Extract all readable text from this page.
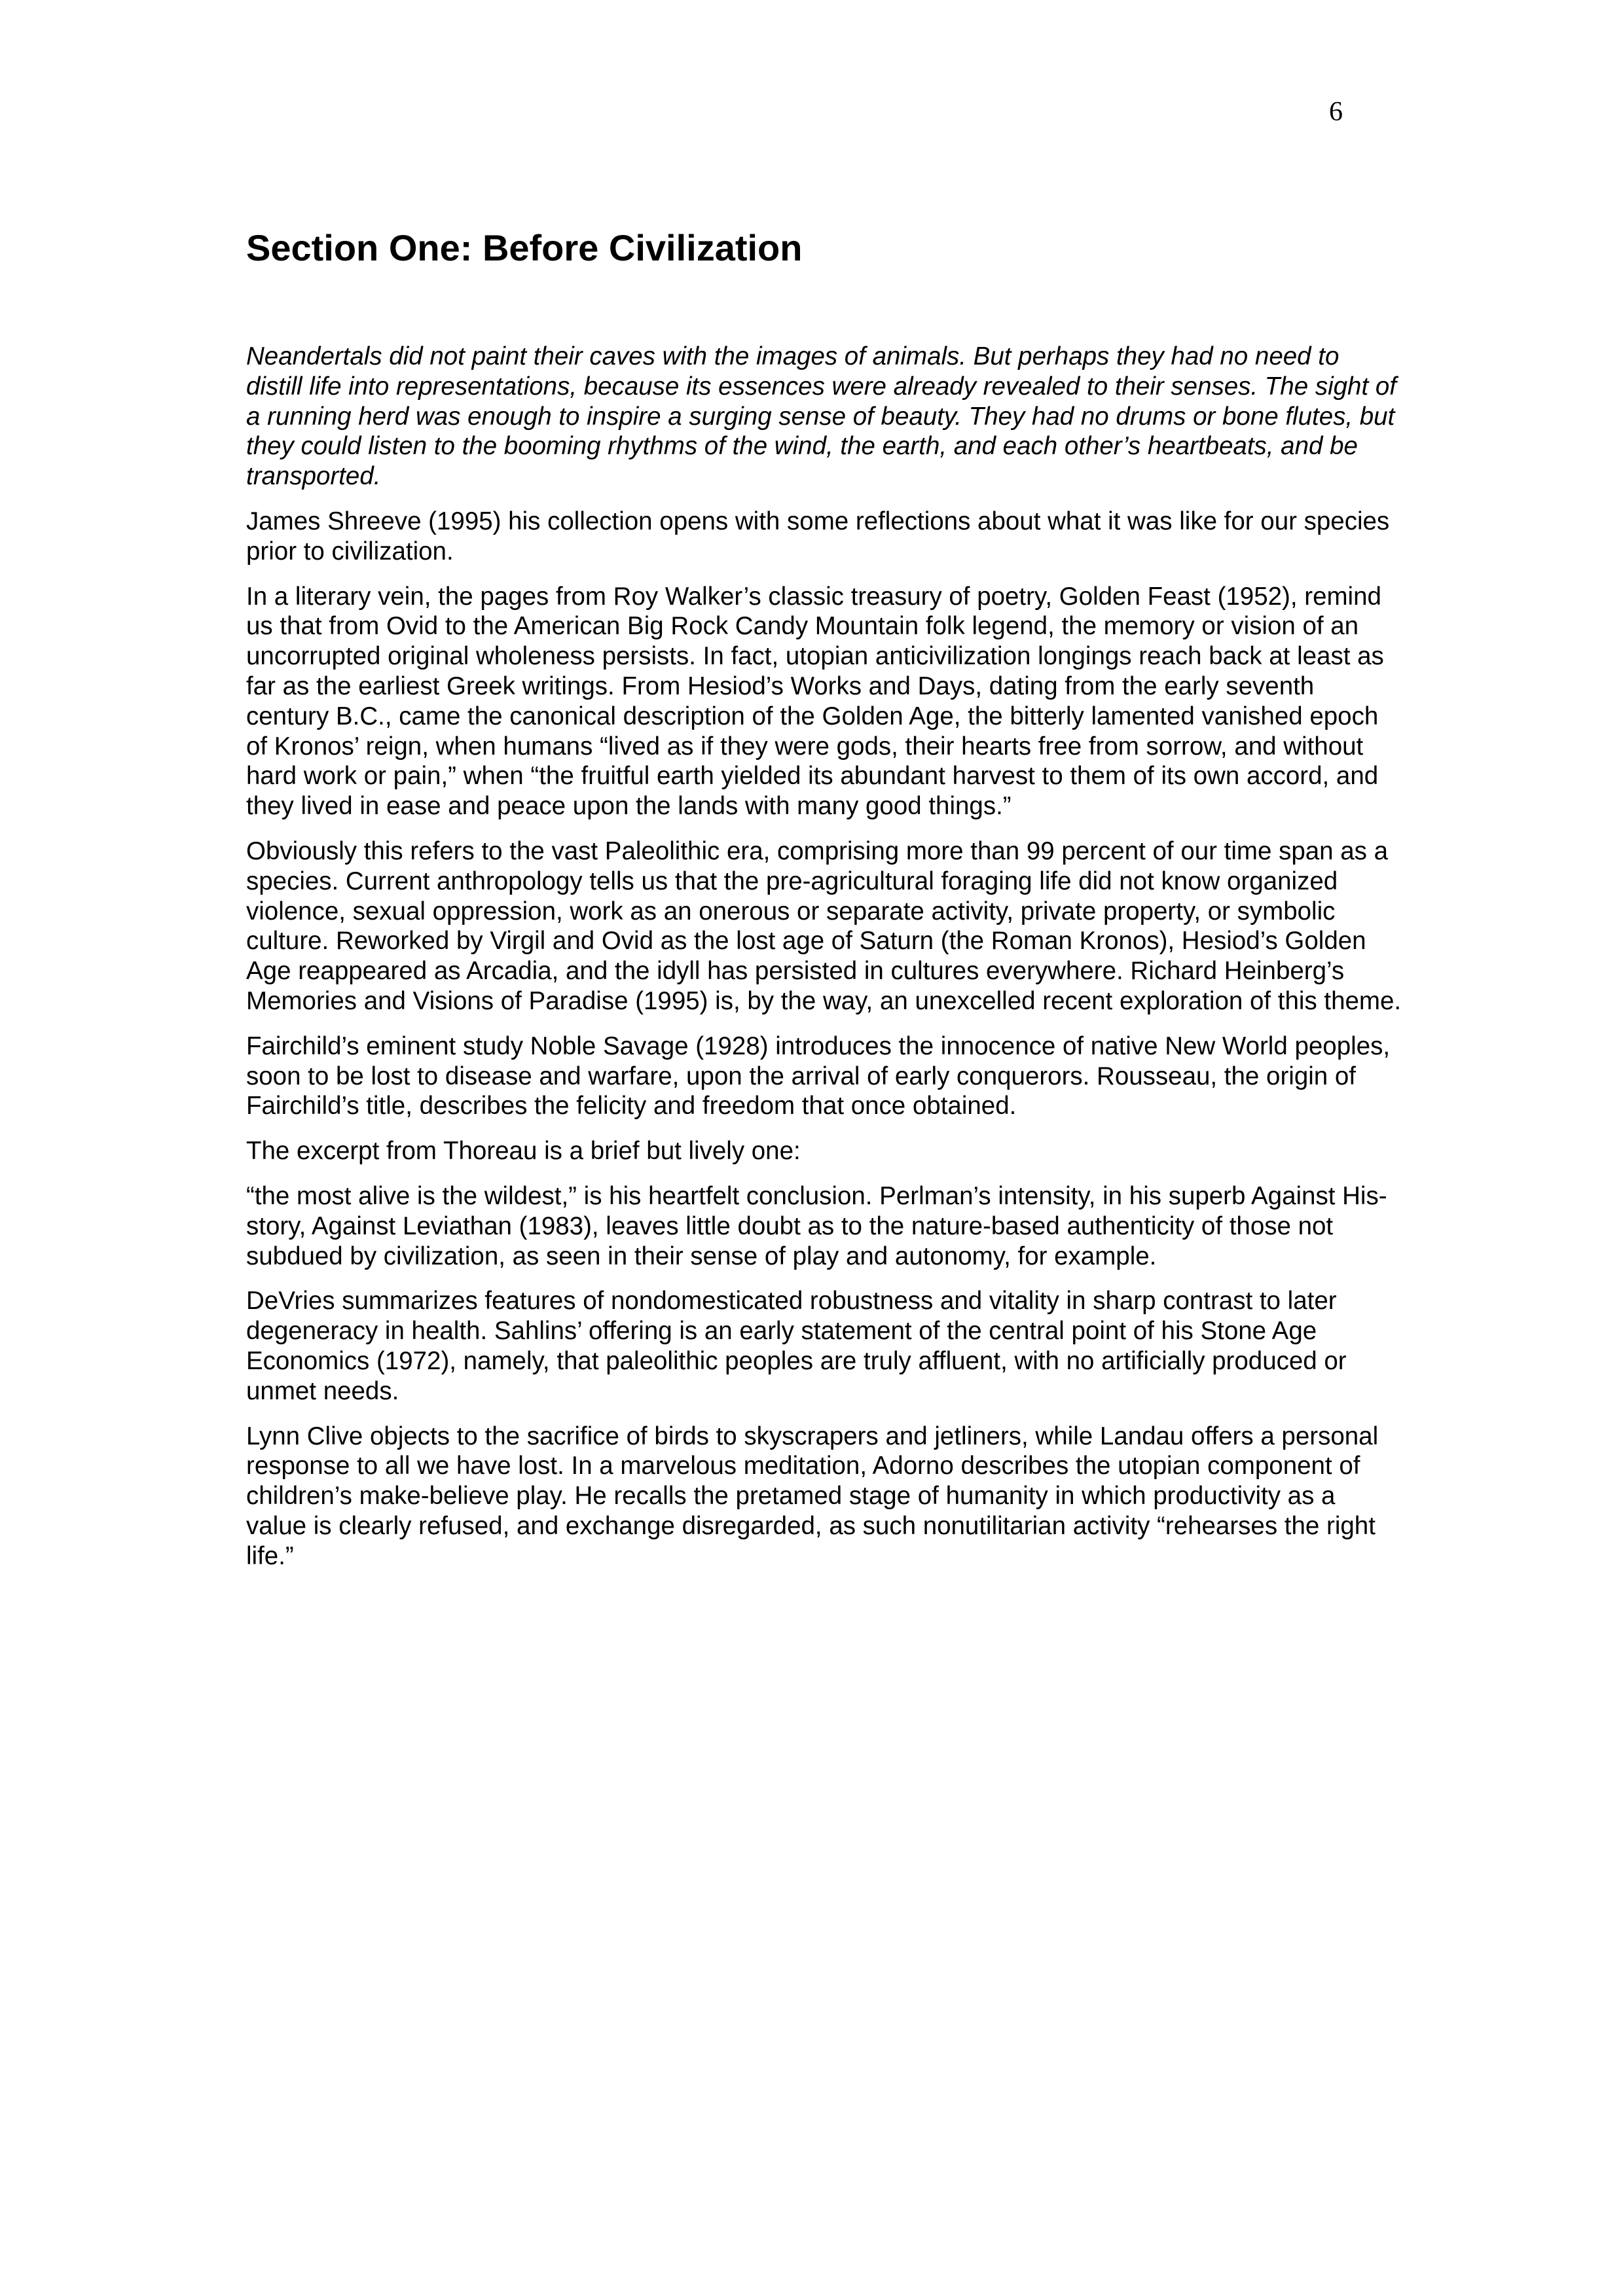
6
Section One: Before Civilization

Neandertals did not paint their caves with the images of animals. But perhaps they had no need to distill life into representations, because its essences were already revealed to their senses. The sight of a running herd was enough to inspire a surging sense of beauty. They had no drums or bone flutes, but they could listen to the booming rhythms of the wind, the earth, and each other’s heartbeats, and be transported.

James Shreeve (1995) his collection opens with some reflections about what it was like for our species prior to civilization.

In a literary vein, the pages from Roy Walker’s classic treasury of poetry, Golden Feast (1952), remind us that from Ovid to the American Big Rock Candy Mountain folk legend, the memory or vision of an uncorrupted original wholeness persists. In fact, utopian anticivilization longings reach back at least as far as the earliest Greek writings. From Hesiod’s Works and Days, dating from the early seventh century B.C., came the canonical description of the Golden Age, the bitterly lamented vanished epoch of Kronos’ reign, when humans “lived as if they were gods, their hearts free from sorrow, and without hard work or pain,” when “the fruitful earth yielded its abundant harvest to them of its own accord, and they lived in ease and peace upon the lands with many good things.”

Obviously this refers to the vast Paleolithic era, comprising more than 99 percent of our time span as a species. Current anthropology tells us that the pre-agricultural foraging life did not know organized violence, sexual oppression, work as an onerous or separate activity, private property, or symbolic culture. Reworked by Virgil and Ovid as the lost age of Saturn (the Roman Kronos), Hesiod’s Golden Age reappeared as Arcadia, and the idyll has persisted in cultures everywhere. Richard Heinberg’s Memories and Visions of Paradise (1995) is, by the way, an unexcelled recent exploration of this theme.

Fairchild’s eminent study Noble Savage (1928) introduces the innocence of native New World peoples, soon to be lost to disease and warfare, upon the arrival of early conquerors. Rousseau, the origin of Fairchild’s title, describes the felicity and freedom that once obtained.

The excerpt from Thoreau is a brief but lively one:

“the most alive is the wildest,” is his heartfelt conclusion. Perlman’s intensity, in his superb Against His-story, Against Leviathan (1983), leaves little doubt as to the nature-based authenticity of those not subdued by civilization, as seen in their sense of play and autonomy, for example.

DeVries summarizes features of nondomesticated robustness and vitality in sharp contrast to later degeneracy in health. Sahlins’ offering is an early statement of the central point of his Stone Age Economics (1972), namely, that paleolithic peoples are truly affluent, with no artificially produced or unmet needs.

Lynn Clive objects to the sacrifice of birds to skyscrapers and jetliners, while Landau offers a personal response to all we have lost. In a marvelous meditation, Adorno describes the utopian component of children’s make-believe play. He recalls the pretamed stage of humanity in which productivity as a value is clearly refused, and exchange disregarded, as such nonutilitarian activity “rehearses the right life.”
